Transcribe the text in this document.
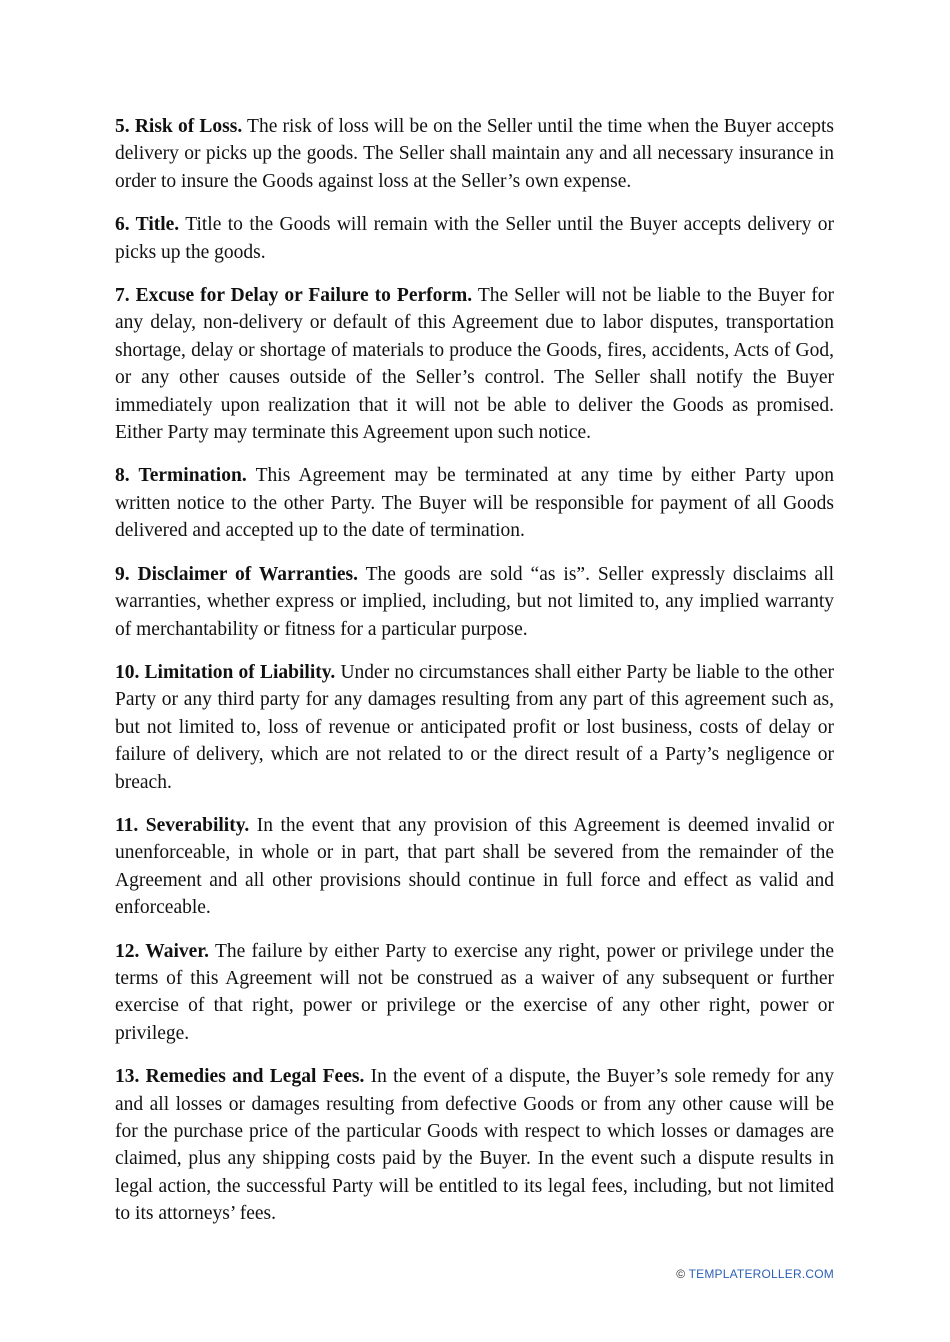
5. Risk of Loss. The risk of loss will be on the Seller until the time when the Buyer accepts delivery or picks up the goods. The Seller shall maintain any and all necessary insurance in order to insure the Goods against loss at the Seller’s own expense.

6. Title. Title to the Goods will remain with the Seller until the Buyer accepts delivery or picks up the goods.

7. Excuse for Delay or Failure to Perform. The Seller will not be liable to the Buyer for any delay, non-delivery or default of this Agreement due to labor disputes, transportation shortage, delay or shortage of materials to produce the Goods, fires, accidents, Acts of God, or any other causes outside of the Seller’s control. The Seller shall notify the Buyer immediately upon realization that it will not be able to deliver the Goods as promised. Either Party may terminate this Agreement upon such notice.

8. Termination. This Agreement may be terminated at any time by either Party upon written notice to the other Party. The Buyer will be responsible for payment of all Goods delivered and accepted up to the date of termination.

9. Disclaimer of Warranties. The goods are sold “as is”. Seller expressly disclaims all warranties, whether express or implied, including, but not limited to, any implied warranty of merchantability or fitness for a particular purpose.

10. Limitation of Liability. Under no circumstances shall either Party be liable to the other Party or any third party for any damages resulting from any part of this agreement such as, but not limited to, loss of revenue or anticipated profit or lost business, costs of delay or failure of delivery, which are not related to or the direct result of a Party’s negligence or breach.

11. Severability. In the event that any provision of this Agreement is deemed invalid or unenforceable, in whole or in part, that part shall be severed from the remainder of the Agreement and all other provisions should continue in full force and effect as valid and enforceable.

12. Waiver. The failure by either Party to exercise any right, power or privilege under the terms of this Agreement will not be construed as a waiver of any subsequent or further exercise of that right, power or privilege or the exercise of any other right, power or privilege.

13. Remedies and Legal Fees. In the event of a dispute, the Buyer’s sole remedy for any and all losses or damages resulting from defective Goods or from any other cause will be for the purchase price of the particular Goods with respect to which losses or damages are claimed, plus any shipping costs paid by the Buyer. In the event such a dispute results in legal action, the successful Party will be entitled to its legal fees, including, but not limited to its attorneys’ fees.

© TEMPLATEROLLER.COM
